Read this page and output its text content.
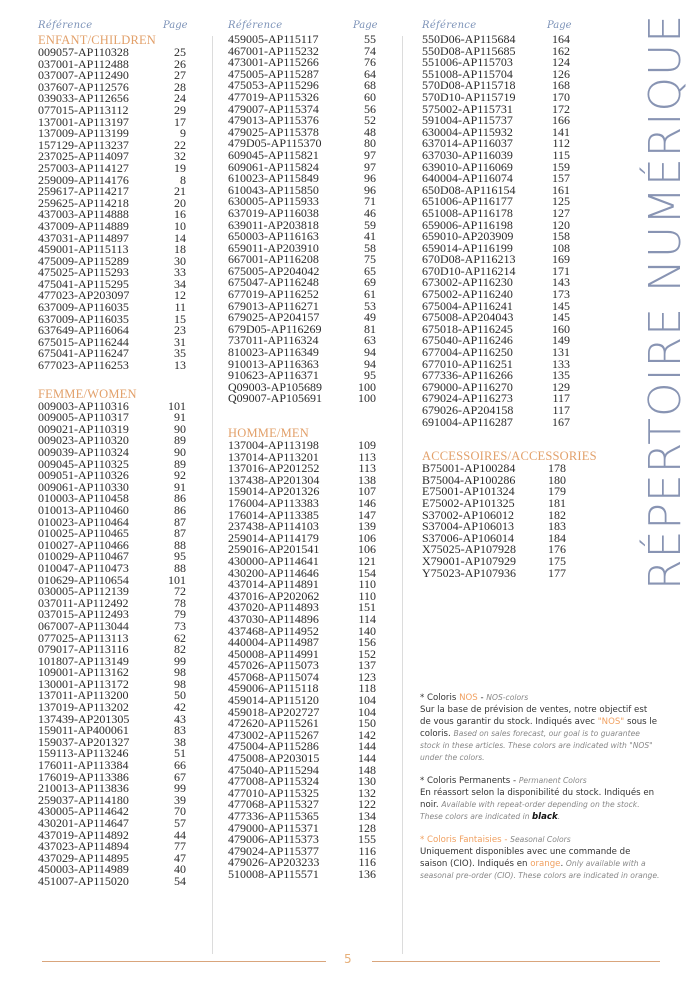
Référence	Page
ENFANT/CHILDREN
009057-AP110328	25
037001-AP112488	26
037007-AP112490	27
037607-AP112576	28
039033-AP112656	24
077015-AP113112	29
137001-AP113197	17
137009-AP113199	9
157129-AP113237	22
237025-AP114097	32
257003-AP114127	19
259009-AP114176	8
259617-AP114217	21
259625-AP114218	20
437003-AP114888	16
437009-AP114889	10
437031-AP114897	14
459001-AP115113	18
475009-AP115289	30
475025-AP115293	33
475041-AP115295	34
477023-AP203097	12
637009-AP116035	11
637009-AP116035	15
637649-AP116064	23
675015-AP116244	31
675041-AP116247	35
677023-AP116253	13
FEMME/WOMEN
009003-AP110316	101
009005-AP110317	91
009021-AP110319	90
009023-AP110320	89
009039-AP110324	90
009045-AP110325	89
009051-AP110326	92
009061-AP110330	91
010003-AP110458	86
010013-AP110460	86
010023-AP110464	87
010025-AP110465	87
010027-AP110466	88
010029-AP110467	95
010047-AP110473	88
010629-AP110654	101
030005-AP112139	72
037011-AP112492	78
037015-AP112493	79
067007-AP113044	73
077025-AP113113	62
079017-AP113116	82
101807-AP113149	99
109001-AP113162	98
130001-AP113172	98
137011-AP113200	50
137019-AP113202	42
137439-AP201305	43
159011-AP400061	83
159037-AP201327	38
159113-AP113246	51
176011-AP113384	66
176019-AP113386	67
210013-AP113836	99
259037-AP114180	39
430005-AP114642	70
430201-AP114647	57
437019-AP114892	44
437023-AP114894	77
437029-AP114895	47
450003-AP114989	40
451007-AP115020	54
Référence	Page
459005-AP115117	55
467001-AP115232	74
473001-AP115266	76
475005-AP115287	64
475053-AP115296	68
477019-AP115326	60
479007-AP115374	56
479013-AP115376	52
479025-AP115378	48
479D05-AP115370	80
609045-AP115821	97
609061-AP115824	97
610023-AP115849	96
610043-AP115850	96
630005-AP115933	71
637019-AP116038	46
639011-AP203818	59
650003-AP116163	41
659011-AP203910	58
667001-AP116208	75
675005-AP204042	65
675047-AP116248	69
677019-AP116252	61
679013-AP116271	53
679025-AP204157	49
679D05-AP116269	81
737011-AP116324	63
810023-AP116349	94
910013-AP116363	94
910623-AP116371	95
Q09003-AP105689	100
Q09007-AP105691	100
HOMME/MEN
137004-AP113198	109
137014-AP113201	113
137016-AP201252	113
137438-AP201304	138
159014-AP201326	107
176004-AP113383	146
176014-AP113385	147
237438-AP114103	139
259014-AP114179	106
259016-AP201541	106
430000-AP114641	121
430200-AP114646	154
437014-AP114891	110
437016-AP202062	110
437020-AP114893	151
437030-AP114896	114
437468-AP114952	140
440004-AP114987	156
450008-AP114991	152
457026-AP115073	137
457068-AP115074	123
459006-AP115118	118
459014-AP115120	104
459018-AP202727	104
472620-AP115261	150
473002-AP115267	142
475004-AP115286	144
475008-AP203015	144
475040-AP115294	148
477008-AP115324	130
477010-AP115325	132
477068-AP115327	122
477336-AP115365	134
479000-AP115371	128
479006-AP115373	155
479024-AP115377	116
479026-AP203233	116
510008-AP115571	136
Référence	Page
550D06-AP115684	164
550D08-AP115685	162
551006-AP115703	124
551008-AP115704	126
570D08-AP115718	168
570D10-AP115719	170
575002-AP115731	172
591004-AP115737	166
630004-AP115932	141
637014-AP116037	112
637030-AP116039	115
639010-AP116069	159
640004-AP116074	157
650D08-AP116154	161
651006-AP116177	125
651008-AP116178	127
659006-AP116198	120
659010-AP203909	158
659014-AP116199	108
670D08-AP116213	169
670D10-AP116214	171
673002-AP116230	143
675002-AP116240	173
675004-AP116241	145
675008-AP204043	145
675018-AP116245	160
675040-AP116246	149
677004-AP116250	131
677010-AP116251	133
677336-AP116266	135
679000-AP116270	129
679024-AP116273	117
679026-AP204158	117
691004-AP116287	167
ACCESSOIRES/ACCESSORIES
B75001-AP100284	178
B75004-AP100286	180
E75001-AP101324	179
E75002-AP101325	181
S37002-AP106012	182
S37004-AP106013	183
S37006-AP106014	184
X75025-AP107928	176
X79001-AP107929	175
Y75023-AP107936	177 RÉPERTOIRE NUMÉRIQUE
* Coloris NOS - NOS-colors
Sur la base de prévision de ventes, notre objectif est de vous garantir du stock. Indiqués avec "NOS" sous le coloris. Based on sales forecast, our goal is to guarantee stock in these articles. These colors are indicated with "NOS" under the colors.
* Coloris Permanents - Permanent Colors
En réassort selon la disponibilité du stock. Indiqués en noir. Available with repeat-order depending on the stock. These colors are indicated in black.
* Coloris Fantaisies - Seasonal Colors
Uniquement disponibles avec une commande de saison (CIO). Indiqués en orange. Only available with a seasonal pre-order (CIO). These colors are indicated in orange.
5
